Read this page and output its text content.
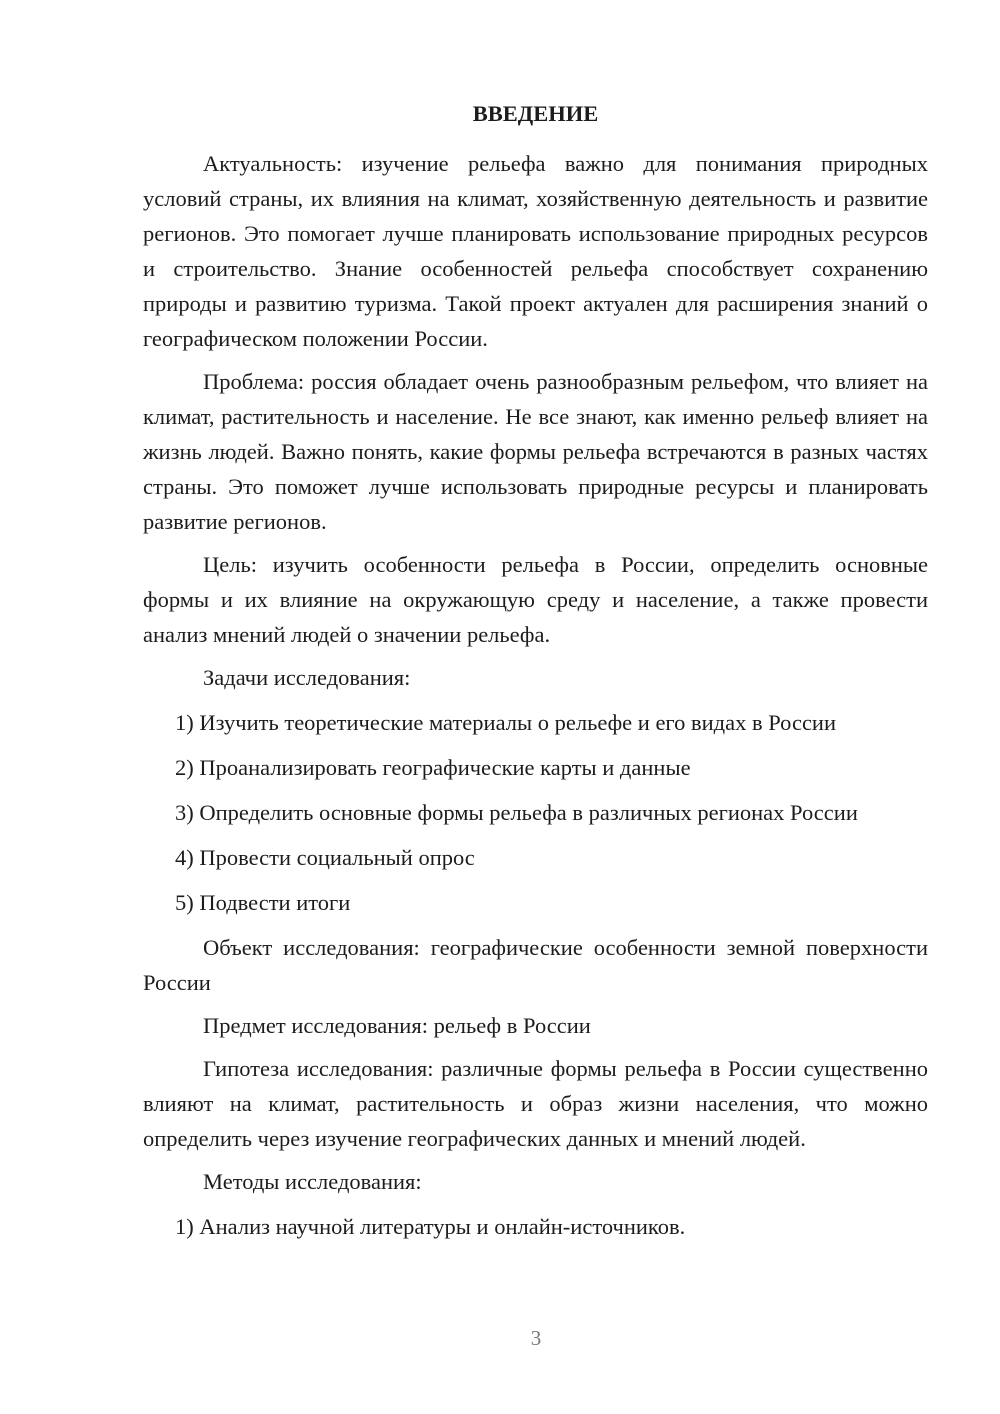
ВВЕДЕНИЕ

Актуальность: изучение рельефа важно для понимания природных условий страны, их влияния на климат, хозяйственную деятельность и развитие регионов. Это помогает лучше планировать использование природных ресурсов и строительство. Знание особенностей рельефа способствует сохранению природы и развитию туризма. Такой проект актуален для расширения знаний о географическом положении России.

Проблема: россия обладает очень разнообразным рельефом, что влияет на климат, растительность и население. Не все знают, как именно рельеф влияет на жизнь людей. Важно понять, какие формы рельефа встречаются в разных частях страны. Это поможет лучше использовать природные ресурсы и планировать развитие регионов.

Цель: изучить особенности рельефа в России, определить основные формы и их влияние на окружающую среду и население, а также провести анализ мнений людей о значении рельефа.

Задачи исследования:

1) Изучить теоретические материалы о рельефе и его видах в России
2) Проанализировать географические карты и данные
3) Определить основные формы рельефа в различных регионах России
4) Провести социальный опрос
5) Подвести итоги

Объект исследования: географические особенности земной поверхности России

Предмет исследования: рельеф в России

Гипотеза исследования: различные формы рельефа в России существенно влияют на климат, растительность и образ жизни населения, что можно определить через изучение географических данных и мнений людей.

Методы исследования:

1) Анализ научной литературы и онлайн-источников.
3
